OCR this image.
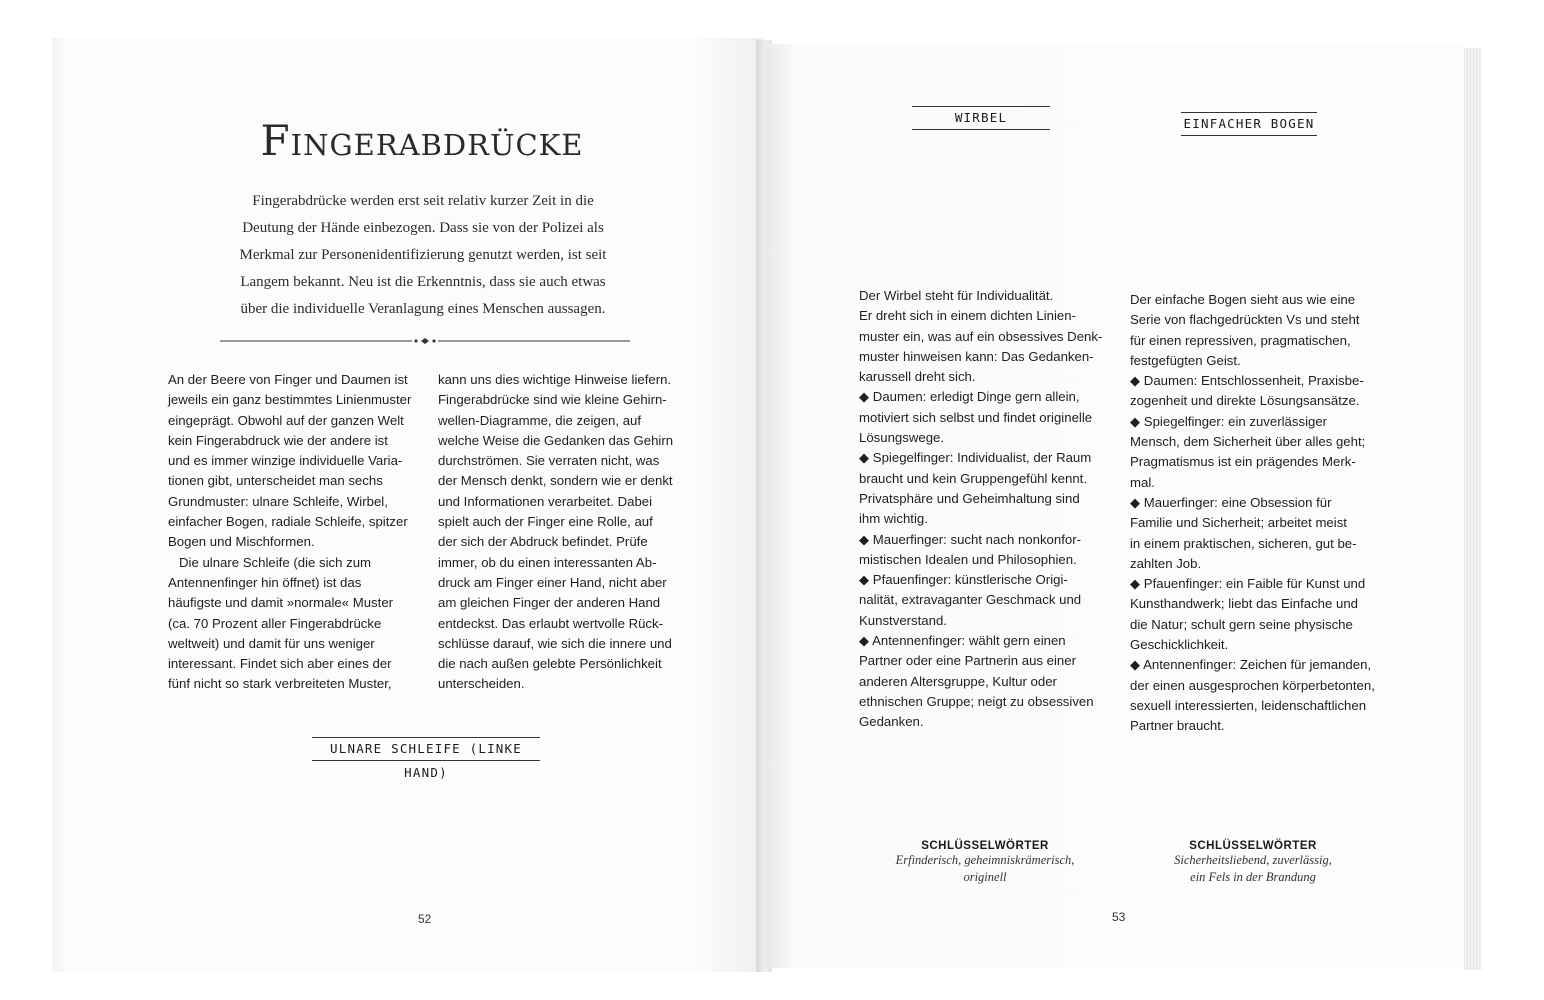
Fingerabdrücke
Fingerabdrücke werden erst seit relativ kurzer Zeit in die
Deutung der Hände einbezogen. Dass sie von der Polizei als
Merkmal zur Personenidentifizierung genutzt werden, ist seit
Langem bekannt. Neu ist die Erkenntnis, dass sie auch etwas
über die individuelle Veranlagung eines Menschen aussagen.
An der Beere von Finger und Daumen ist
jeweils ein ganz bestimmtes Linienmuster
eingeprägt. Obwohl auf der ganzen Welt
kein Fingerabdruck wie der andere ist
und es immer winzige individuelle Varia-
tionen gibt, unterscheidet man sechs
Grundmuster: ulnare Schleife, Wirbel,
einfacher Bogen, radiale Schleife, spitzer
Bogen und Mischformen.
Die ulnare Schleife (die sich zum
Antennenfinger hin öffnet) ist das
häufigste und damit »normale« Muster
(ca. 70 Prozent aller Fingerabdrücke
weltweit) und damit für uns weniger
interessant. Findet sich aber eines der
fünf nicht so stark verbreiteten Muster,
kann uns dies wichtige Hinweise liefern.
Fingerabdrücke sind wie kleine Gehirn-
wellen-Diagramme, die zeigen, auf
welche Weise die Gedanken das Gehirn
durchströmen. Sie verraten nicht, was
der Mensch denkt, sondern wie er denkt
und Informationen verarbeitet. Dabei
spielt auch der Finger eine Rolle, auf
der sich der Abdruck befindet. Prüfe
immer, ob du einen interessanten Ab-
druck am Finger einer Hand, nicht aber
am gleichen Finger der anderen Hand
entdeckst. Das erlaubt wertvolle Rück-
schlüsse darauf, wie sich die innere und
die nach außen gelebte Persönlichkeit
unterscheiden.
ULNARE SCHLEIFE (LINKE HAND)
52
WIRBEL	EINFACHER BOGEN
Der Wirbel steht für Individualität.
Er dreht sich in einem dichten Linien-
muster ein, was auf ein obsessives Denk-
muster hinweisen kann: Das Gedanken-
karussell dreht sich.
◆ Daumen: erledigt Dinge gern allein,
motiviert sich selbst und findet originelle
Lösungswege.
◆ Spiegelfinger: Individualist, der Raum
braucht und kein Gruppengefühl kennt.
Privatsphäre und Geheimhaltung sind
ihm wichtig.
◆ Mauerfinger: sucht nach nonkonfor-
mistischen Idealen und Philosophien.
◆ Pfauenfinger: künstlerische Origi-
nalität, extravaganter Geschmack und
Kunstverstand.
◆ Antennenfinger: wählt gern einen
Partner oder eine Partnerin aus einer
anderen Altersgruppe, Kultur oder
ethnischen Gruppe; neigt zu obsessiven
Gedanken.
Der einfache Bogen sieht aus wie eine
Serie von flachgedrückten Vs und steht
für einen repressiven, pragmatischen,
festgefügten Geist.
◆ Daumen: Entschlossenheit, Praxisbe-
zogenheit und direkte Lösungsansätze.
◆ Spiegelfinger: ein zuverlässiger
Mensch, dem Sicherheit über alles geht;
Pragmatismus ist ein prägendes Merk-
mal.
◆ Mauerfinger: eine Obsession für
Familie und Sicherheit; arbeitet meist
in einem praktischen, sicheren, gut be-
zahlten Job.
◆ Pfauenfinger: ein Faible für Kunst und
Kunsthandwerk; liebt das Einfache und
die Natur; schult gern seine physische
Geschicklichkeit.
◆ Antennenfinger: Zeichen für jemanden,
der einen ausgesprochen körperbetonten,
sexuell interessierten, leidenschaftlichen
Partner braucht.
SCHLÜSSELWÖRTER
Erfinderisch, geheimniskrämerisch,
originell
SCHLÜSSELWÖRTER
Sicherheitsliebend, zuverlässig,
ein Fels in der Brandung
53
